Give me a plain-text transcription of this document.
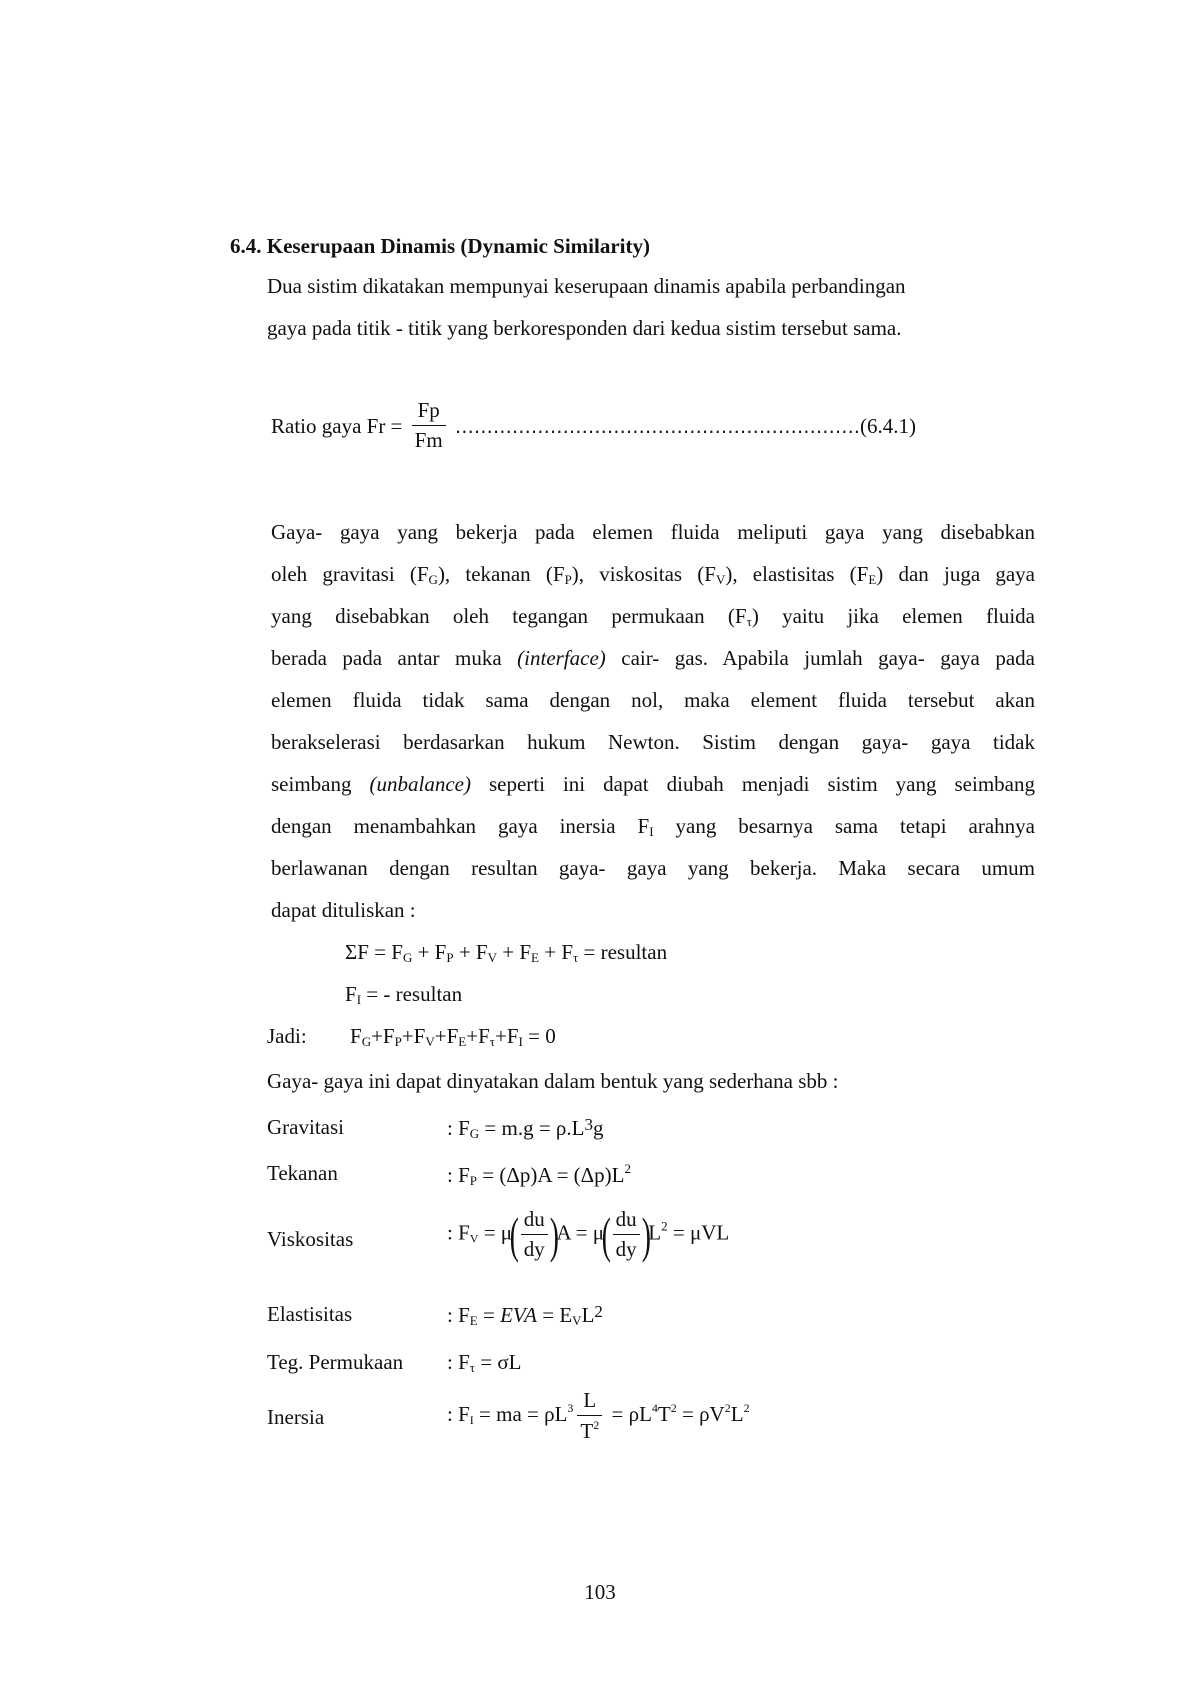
6.4. Keserupaan Dinamis (Dynamic Similarity)
Dua sistim dikatakan mempunyai keserupaan dinamis apabila perbandingan
gaya pada titik - titik yang berkoresponden dari kedua sistim tersebut sama.
Ratio gaya $Fr = \frac{Fp}{Fm}$ ……………………………………………………….(6.4.1)
Gaya- gaya yang bekerja pada elemen fluida meliputi gaya yang disebabkan
oleh gravitasi $(F_G)$, tekanan $(F_P)$, viskositas $(F_V)$, elastisitas $(F_E)$ dan juga gaya
yang disebabkan oleh tegangan permukaan $(F_\tau)$ yaitu jika elemen fluida
berada pada antar muka (interface) cair- gas. Apabila jumlah gaya- gaya pada
elemen fluida tidak sama dengan nol, maka element fluida tersebut akan
berakselerasi berdasarkan hukum Newton. Sistim dengan gaya- gaya tidak
seimbang (unbalance) seperti ini dapat diubah menjadi sistim yang seimbang
dengan menambahkan gaya inersia $F_I$ yang besarnya sama tetapi arahnya
berlawanan dengan resultan gaya- gaya yang bekerja. Maka secara umum
dapat dituliskan :
$\Sigma F = F_G + F_P + F_V + F_E + F_\tau$ = resultan
$F_I$ = - resultan
Jadi: $F_G+F_P+F_V+F_E+F_\tau+F_I = 0$
Gaya- gaya ini dapat dinyatakan dalam bentuk yang sederhana sbb :
Gravitasi	: $F_G = m.g = \rho.L^3g$
Tekanan	: $F_P = (\Delta p)A = (\Delta p)L^2$
Viskositas	: $F_V = \mu( \frac{du}{dy} )A = \mu( \frac{du}{dy} )L^2 = \mu VL$
Elastisitas	: $F_E$ = EVA = $E_VL^2$
Teg. Permukaan : $F_\tau = \sigma L$
Inersia	: $F_I$ = ma = $\rho L^3 \frac{L}{T^2} = \rho L^4T^2 = \rho V^2L^2$
103
